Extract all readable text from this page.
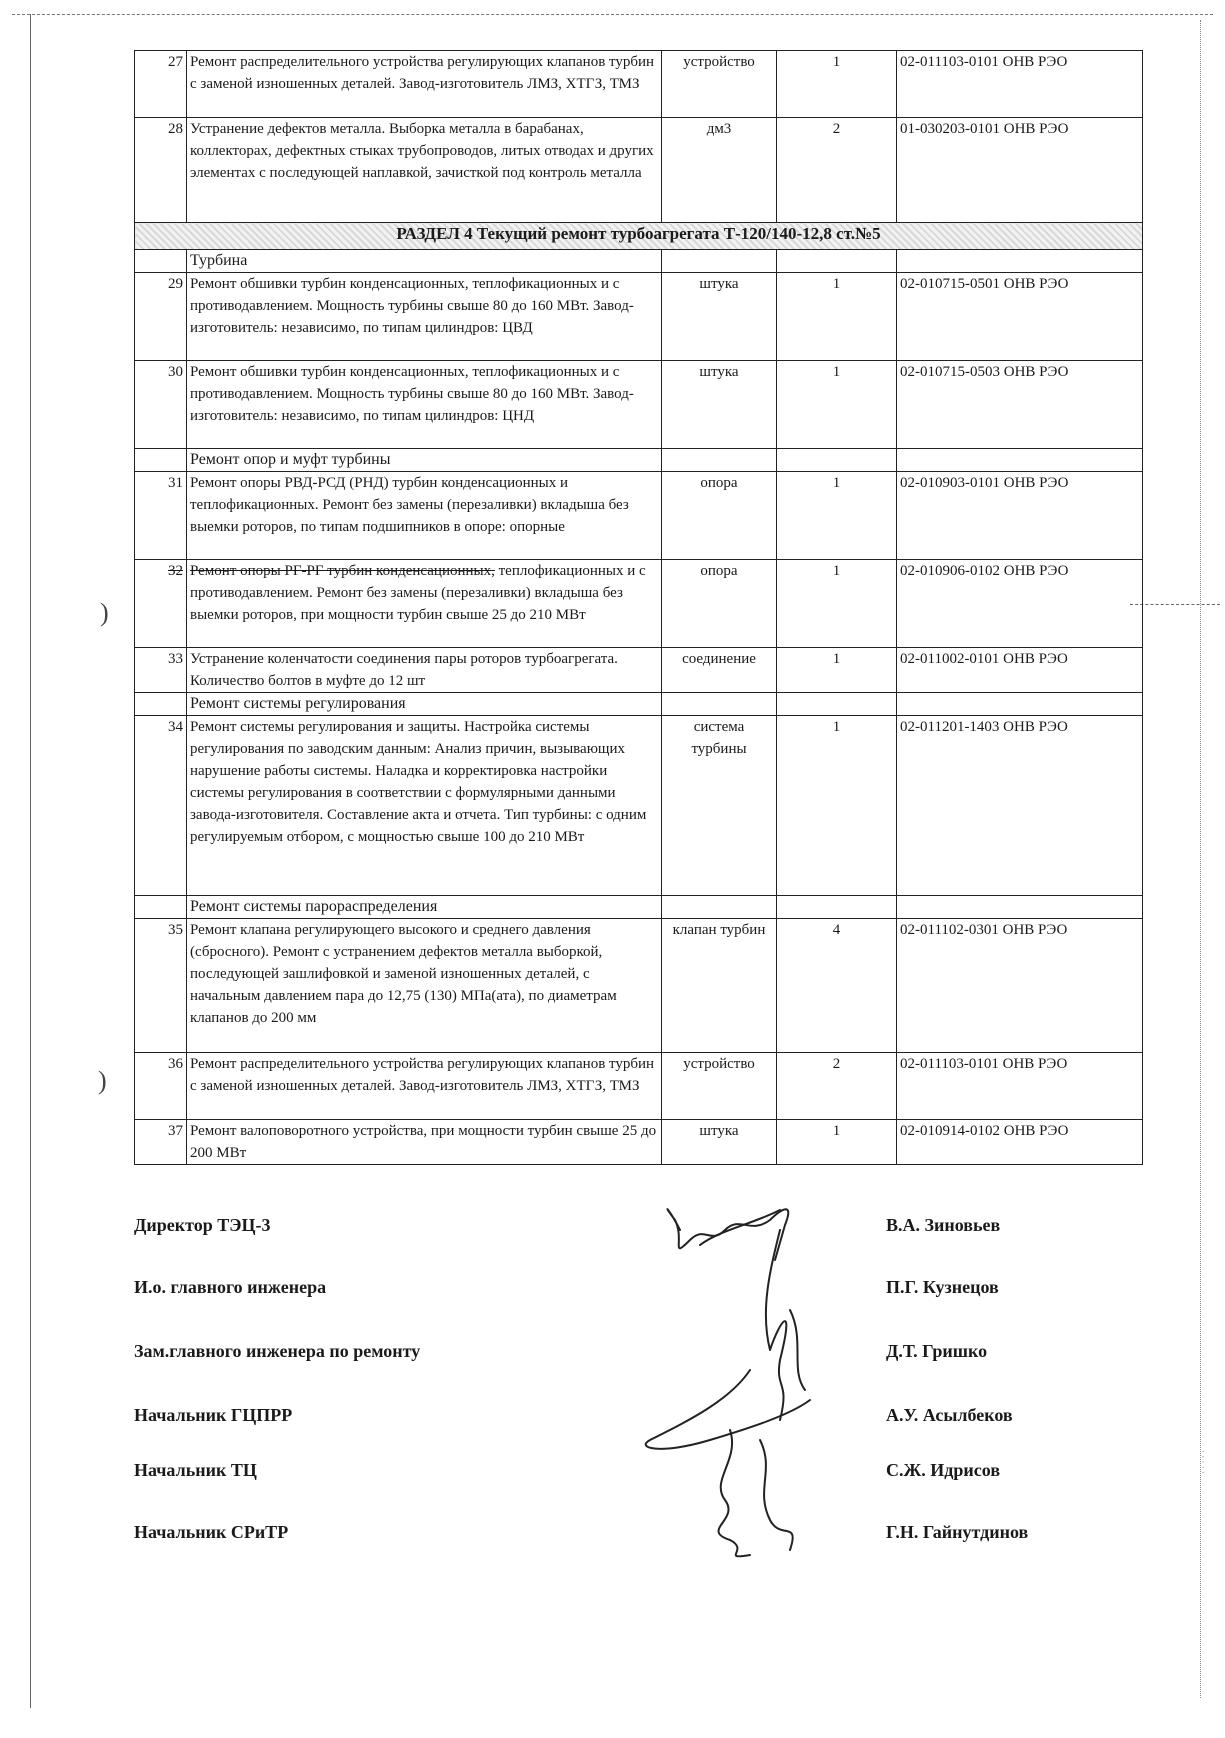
)
)
27	Ремонт распределительного устройства регулирующих клапанов турбин с заменой изношенных деталей. Завод-изготовитель ЛМЗ, ХТГЗ, ТМЗ	устройство	1	02-011103-0101 ОНВ РЭО
28	Устранение дефектов металла. Выборка металла в барабанах, коллекторах, дефектных стыках трубопроводов, литых отводах и других элементах с последующей наплавкой, зачисткой под контроль металла	дм3	2	01-030203-0101 ОНВ РЭО
РАЗДЕЛ 4 Текущий ремонт турбоагрегата Т-120/140-12,8 ст.№5				
	Турбина			
29	Ремонт обшивки турбин конденсационных, теплофикационных и с противодавлением. Мощность турбины свыше 80 до 160 МВт. Завод-изготовитель: независимо, по типам цилиндров: ЦВД	штука	1	02-010715-0501 ОНВ РЭО
30	Ремонт обшивки турбин конденсационных, теплофикационных и с противодавлением. Мощность турбины свыше 80 до 160 МВт. Завод-изготовитель: независимо, по типам цилиндров: ЦНД	штука	1	02-010715-0503 ОНВ РЭО
	Ремонт опор и муфт турбины			
31	Ремонт опоры РВД-РСД (РНД) турбин конденсационных и теплофикационных. Ремонт без замены (перезаливки) вкладыша без выемки роторов, по типам подшипников в опоре: опорные	опора	1	02-010903-0101 ОНВ РЭО
32	Ремонт опоры РГ-РГ турбин конденсационных, теплофикационных и с противодавлением. Ремонт без замены (перезаливки) вкладыша без выемки роторов, при мощности турбин свыше 25 до 210 МВт	опора	1	02-010906-0102 ОНВ РЭО
33	Устранение коленчатости соединения пары роторов турбоагрегата. Количество болтов в муфте до 12 шт	соединение	1	02-011002-0101 ОНВ РЭО
	Ремонт системы регулирования			
34	Ремонт системы регулирования и защиты. Настройка системы регулирования по заводским данным: Анализ причин, вызывающих нарушение работы системы. Наладка и корректировка настройки системы регулирования в соответствии с формулярными данными завода-изготовителя. Составление акта и отчета. Тип турбины: с одним регулируемым отбором, с мощностью свыше 100 до 210 МВт	система турбины	1	02-011201-1403 ОНВ РЭО
	Ремонт системы парораспределения			
35	Ремонт клапана регулирующего высокого и среднего давления (сбросного). Ремонт с устранением дефектов металла выборкой, последующей зашлифовкой и заменой изношенных деталей, с начальным давлением пара до 12,75 (130) МПа(ата), по диаметрам клапанов до 200 мм	клапан турбин	4	02-011102-0301 ОНВ РЭО
36	Ремонт распределительного устройства регулирующих клапанов турбин с заменой изношенных деталей. Завод-изготовитель ЛМЗ, ХТГЗ, ТМЗ	устройство	2	02-011103-0101 ОНВ РЭО
37	Ремонт валоповоротного устройства, при мощности турбин свыше 25 до 200 МВт	штука	1	02-010914-0102 ОНВ РЭО
Директор ТЭЦ-3	В.А. Зиновьев
И.о. главного инженера	П.Г. Кузнецов
Зам.главного инженера по ремонту	Д.Т. Гришко
Начальник ГЦПРР	А.У. Асылбеков
Начальник ТЦ	С.Ж. Идрисов
Начальник СРиТР	Г.Н. Гайнутдинов
· · · · ·
